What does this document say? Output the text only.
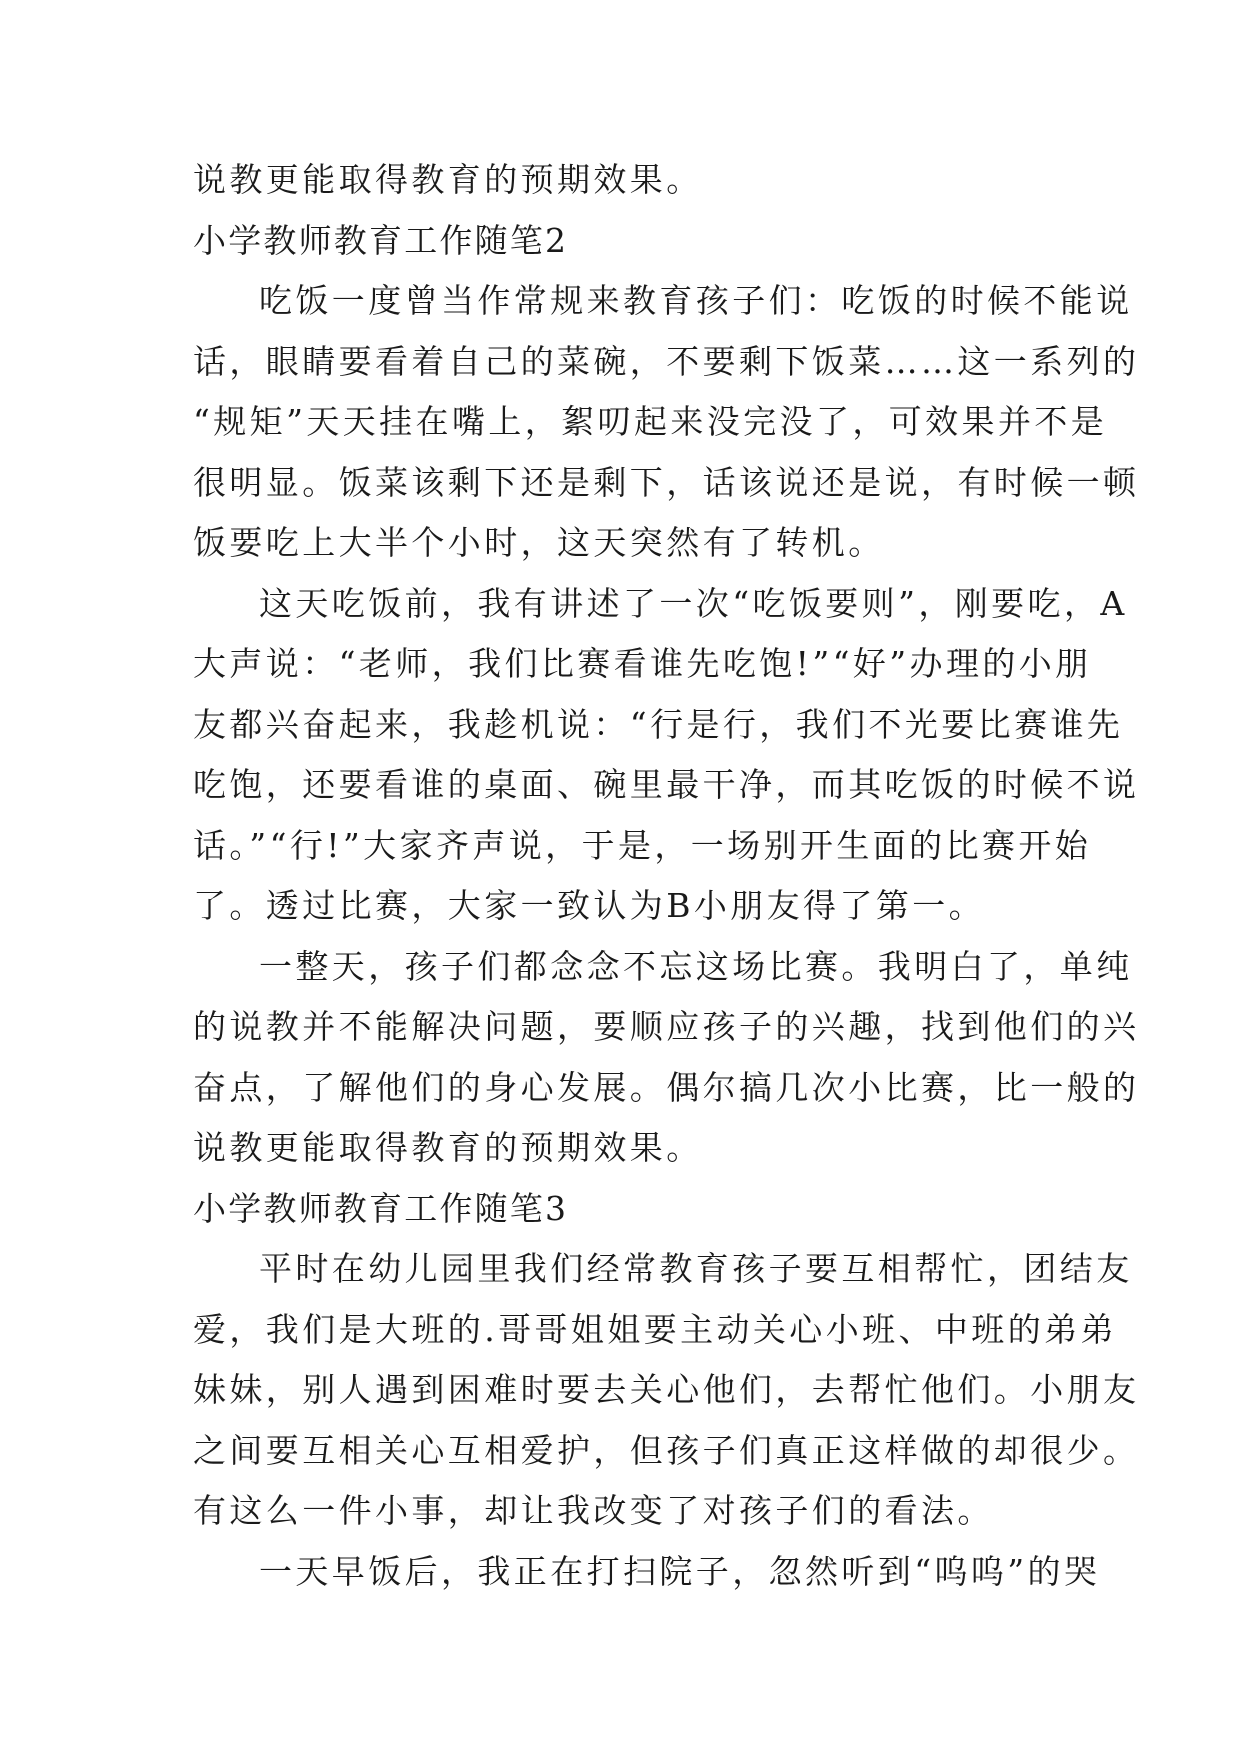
说教更能取得教育的预期效果。
小学教师教育工作随笔2
吃饭一度曾当作常规来教育孩子们：吃饭的时候不能说
话，眼睛要看着自己的菜碗，不要剩下饭菜……这一系列的
“规矩”天天挂在嘴上，絮叨起来没完没了，可效果并不是
很明显。饭菜该剩下还是剩下，话该说还是说，有时候一顿
饭要吃上大半个小时，这天突然有了转机。
这天吃饭前，我有讲述了一次“吃饭要则”，刚要吃，A
大声说：“老师，我们比赛看谁先吃饱!”“好”办理的小朋
友都兴奋起来，我趁机说：“行是行，我们不光要比赛谁先
吃饱，还要看谁的桌面、碗里最干净，而其吃饭的时候不说
话。”“行!”大家齐声说，于是，一场别开生面的比赛开始
了。透过比赛，大家一致认为B小朋友得了第一。
一整天，孩子们都念念不忘这场比赛。我明白了，单纯
的说教并不能解决问题，要顺应孩子的兴趣，找到他们的兴
奋点，了解他们的身心发展。偶尔搞几次小比赛，比一般的
说教更能取得教育的预期效果。
小学教师教育工作随笔3
平时在幼儿园里我们经常教育孩子要互相帮忙，团结友
爱，我们是大班的.哥哥姐姐要主动关心小班、中班的弟弟
妹妹，别人遇到困难时要去关心他们，去帮忙他们。小朋友
之间要互相关心互相爱护，但孩子们真正这样做的却很少。
有这么一件小事，却让我改变了对孩子们的看法。
一天早饭后，我正在打扫院子，忽然听到“呜呜”的哭
